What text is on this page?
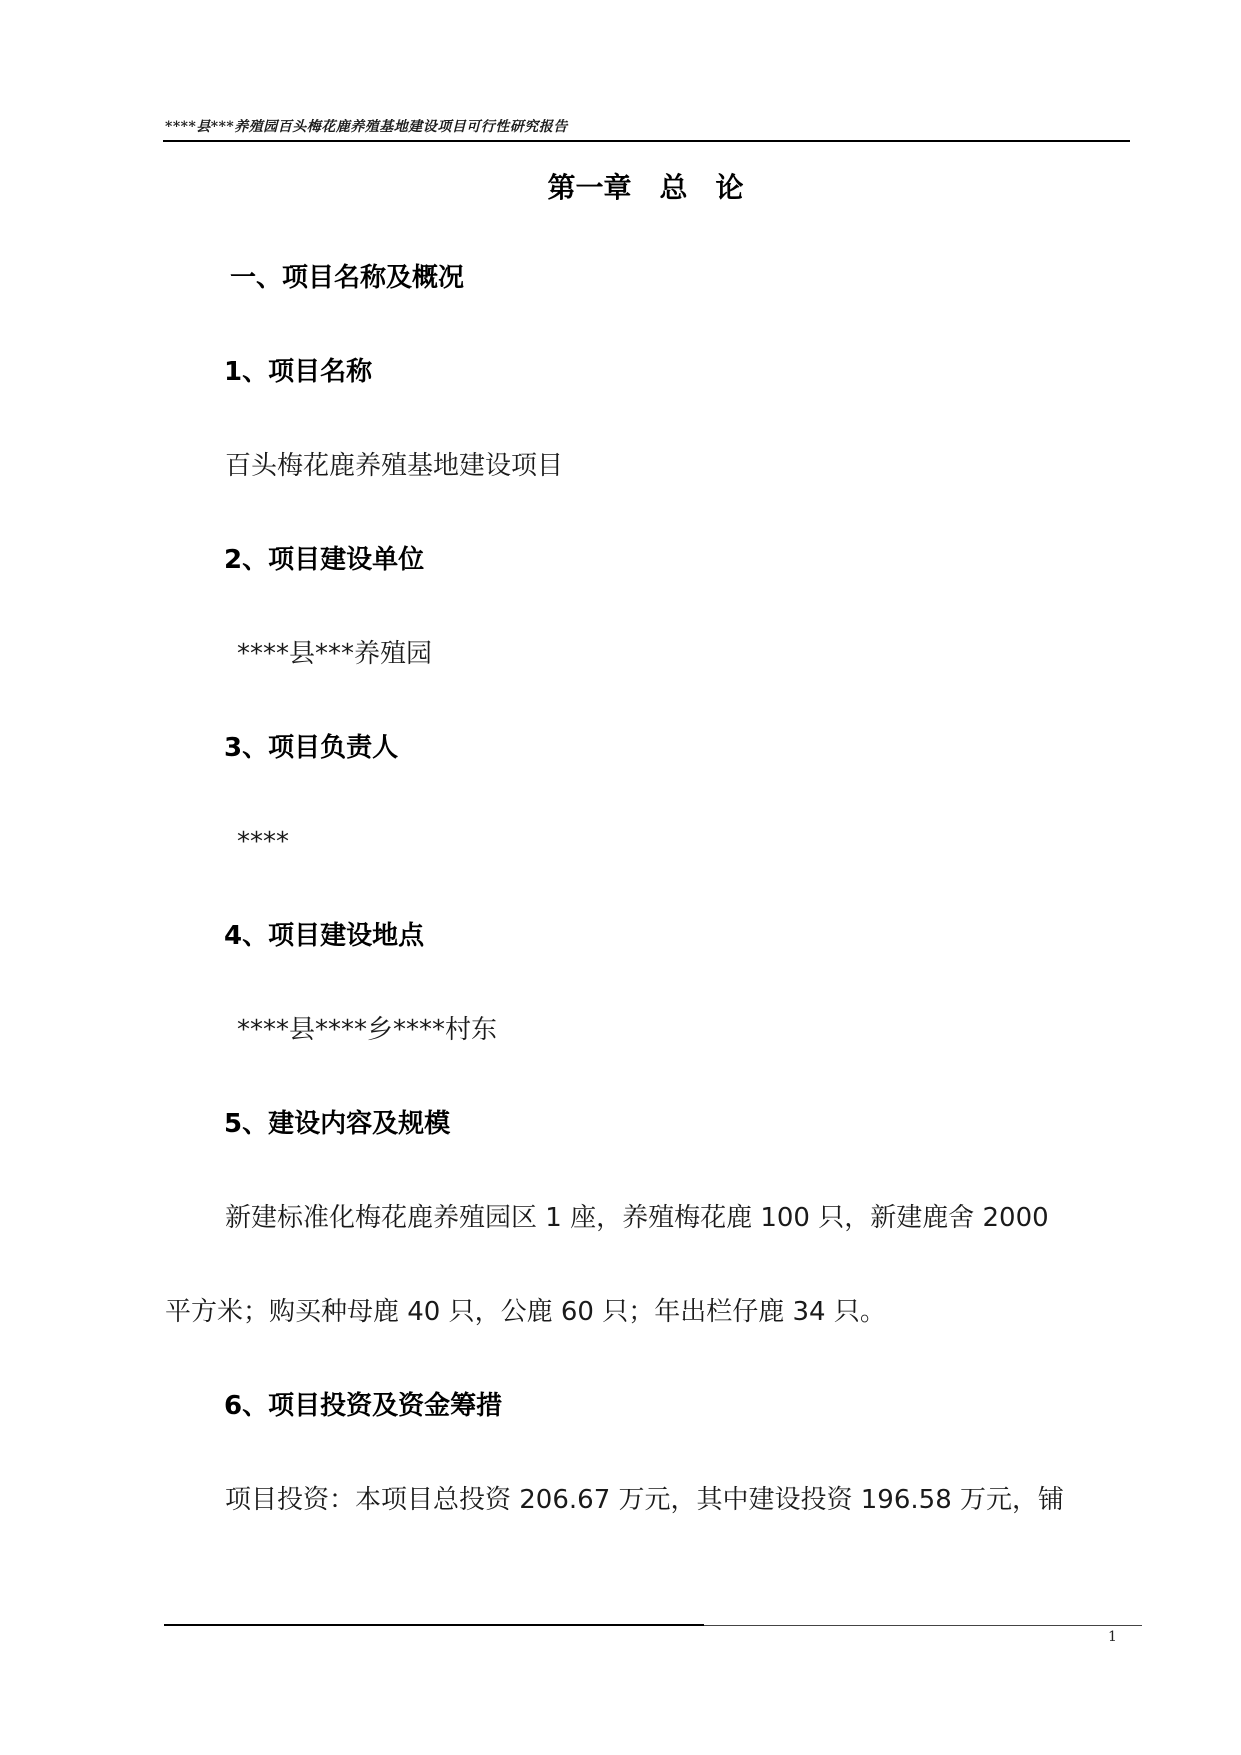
****县***养殖园百头梅花鹿养殖基地建设项目可行性研究报告
第一章　总　论
一、项目名称及概况
1、项目名称
百头梅花鹿养殖基地建设项目
2、项目建设单位
****县***养殖园
3、项目负责人
****
4、项目建设地点
****县****乡****村东
5、建设内容及规模
新建标准化梅花鹿养殖园区 1 座，养殖梅花鹿 100 只，新建鹿舍 2000
平方米；购买种母鹿 40 只，公鹿 60 只；年出栏仔鹿 34 只。
6、项目投资及资金筹措
项目投资：本项目总投资 206.67 万元，其中建设投资 196.58 万元，铺
1
